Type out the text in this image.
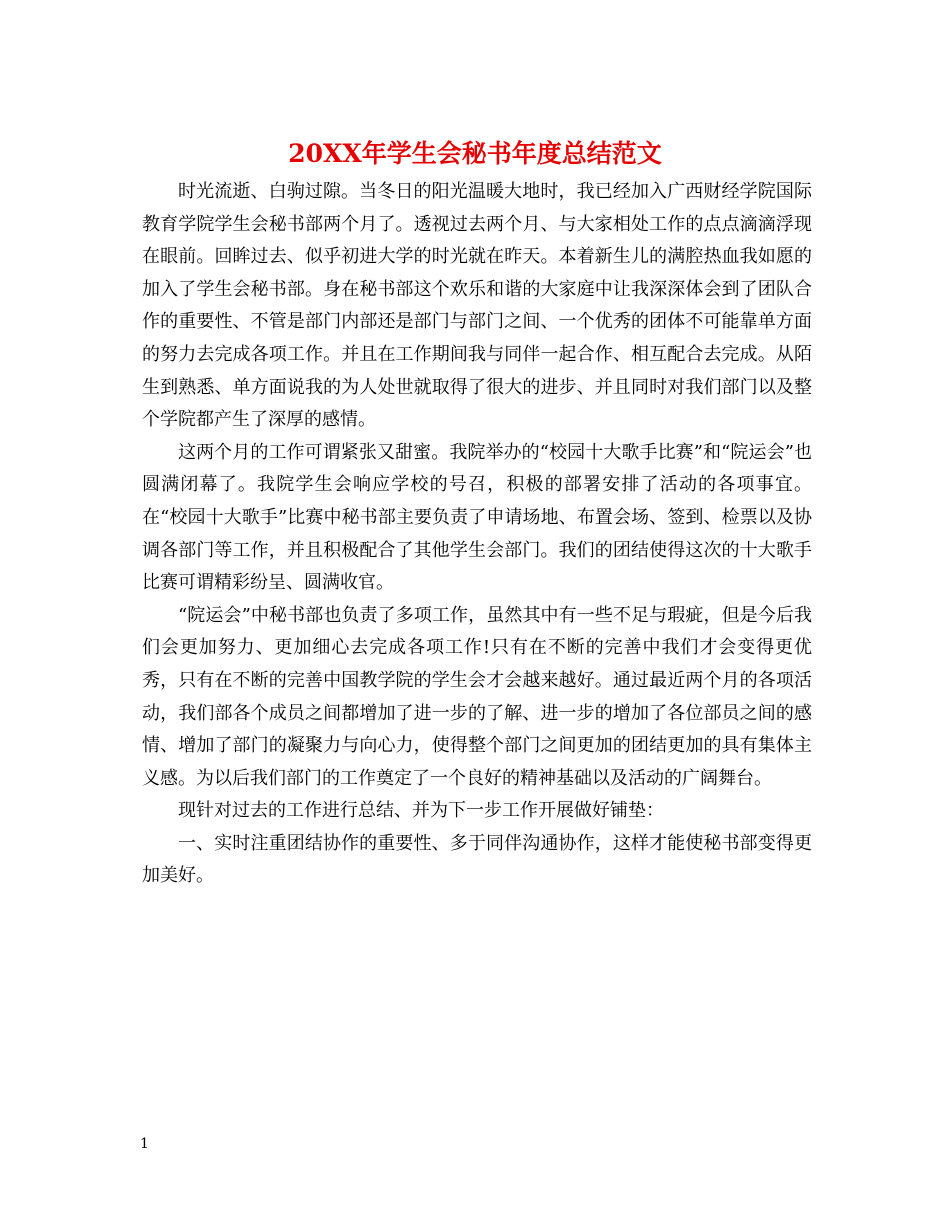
20XX年学生会秘书年度总结范文

时光流逝、白驹过隙。当冬日的阳光温暖大地时，我已经加入广西财经学院国际教育学院学生会秘书部两个月了。透视过去两个月、与大家相处工作的点点滴滴浮现在眼前。回眸过去、似乎初进大学的时光就在昨天。本着新生儿的满腔热血我如愿的加入了学生会秘书部。身在秘书部这个欢乐和谐的大家庭中让我深深体会到了团队合作的重要性、不管是部门内部还是部门与部门之间、一个优秀的团体不可能靠单方面的努力去完成各项工作。并且在工作期间我与同伴一起合作、相互配合去完成。从陌生到熟悉、单方面说我的为人处世就取得了很大的进步、并且同时对我们部门以及整个学院都产生了深厚的感情。

这两个月的工作可谓紧张又甜蜜。我院举办的“校园十大歌手比赛”和“院运会”也圆满闭幕了。我院学生会响应学校的号召，积极的部署安排了活动的各项事宜。在“校园十大歌手”比赛中秘书部主要负责了申请场地、布置会场、签到、检票以及协调各部门等工作，并且积极配合了其他学生会部门。我们的团结使得这次的十大歌手比赛可谓精彩纷呈、圆满收官。

“院运会”中秘书部也负责了多项工作，虽然其中有一些不足与瑕疵，但是今后我们会更加努力、更加细心去完成各项工作!只有在不断的完善中我们才会变得更优秀，只有在不断的完善中国教学院的学生会才会越来越好。通过最近两个月的各项活动，我们部各个成员之间都增加了进一步的了解、进一步的增加了各位部员之间的感情、增加了部门的凝聚力与向心力，使得整个部门之间更加的团结更加的具有集体主义感。为以后我们部门的工作奠定了一个良好的精神基础以及活动的广阔舞台。

现针对过去的工作进行总结、并为下一步工作开展做好铺垫：

一、实时注重团结协作的重要性、多于同伴沟通协作，这样才能使秘书部变得更加美好。

1
